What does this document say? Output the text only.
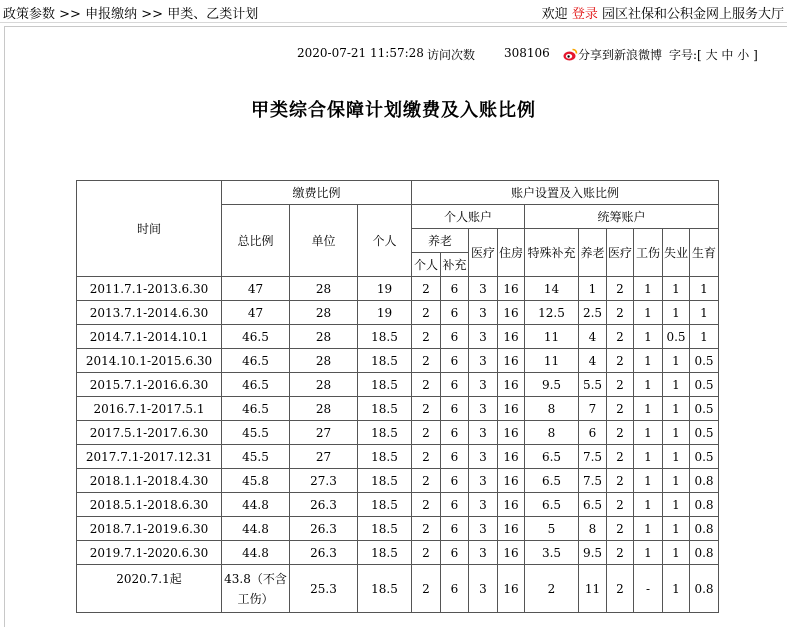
政策参数 >> 申报缴纳 >> 甲类、乙类计划	欢迎 登录 园区社保和公积金网上服务大厅
2020-07-21 11:57:28 访问次数 308106	分享到新浪微博 字号:[ 大 中 小 ]
甲类综合保障计划缴费及入账比例
时间	缴费比例			账户设置及入账比例									
	总比例	单位	个人	个人账户				统筹账户					
				养老		医疗	住房	特殊补充	养老	医疗	工伤	失业	生育
				个人	补充								
2011.7.1-2013.6.30	47	28	19	2	6	3	16	14	1	2	1	1	1
2013.7.1-2014.6.30	47	28	19	2	6	3	16	12.5	2.5	2	1	1	1
2014.7.1-2014.10.1	46.5	28	18.5	2	6	3	16	11	4	2	1	0.5	1
2014.10.1-2015.6.30	46.5	28	18.5	2	6	3	16	11	4	2	1	1	0.5
2015.7.1-2016.6.30	46.5	28	18.5	2	6	3	16	9.5	5.5	2	1	1	0.5
2016.7.1-2017.5.1	46.5	28	18.5	2	6	3	16	8	7	2	1	1	0.5
2017.5.1-2017.6.30	45.5	27	18.5	2	6	3	16	8	6	2	1	1	0.5
2017.7.1-2017.12.31	45.5	27	18.5	2	6	3	16	6.5	7.5	2	1	1	0.5
2018.1.1-2018.4.30	45.8	27.3	18.5	2	6	3	16	6.5	7.5	2	1	1	0.8
2018.5.1-2018.6.30	44.8	26.3	18.5	2	6	3	16	6.5	6.5	2	1	1	0.8
2018.7.1-2019.6.30	44.8	26.3	18.5	2	6	3	16	5	8	2	1	1	0.8
2019.7.1-2020.6.30	44.8	26.3	18.5	2	6	3	16	3.5	9.5	2	1	1	0.8
2020.7.1起	43.8（不含工伤）	25.3	18.5	2	6	3	16	2	11	2	-	1	0.8
